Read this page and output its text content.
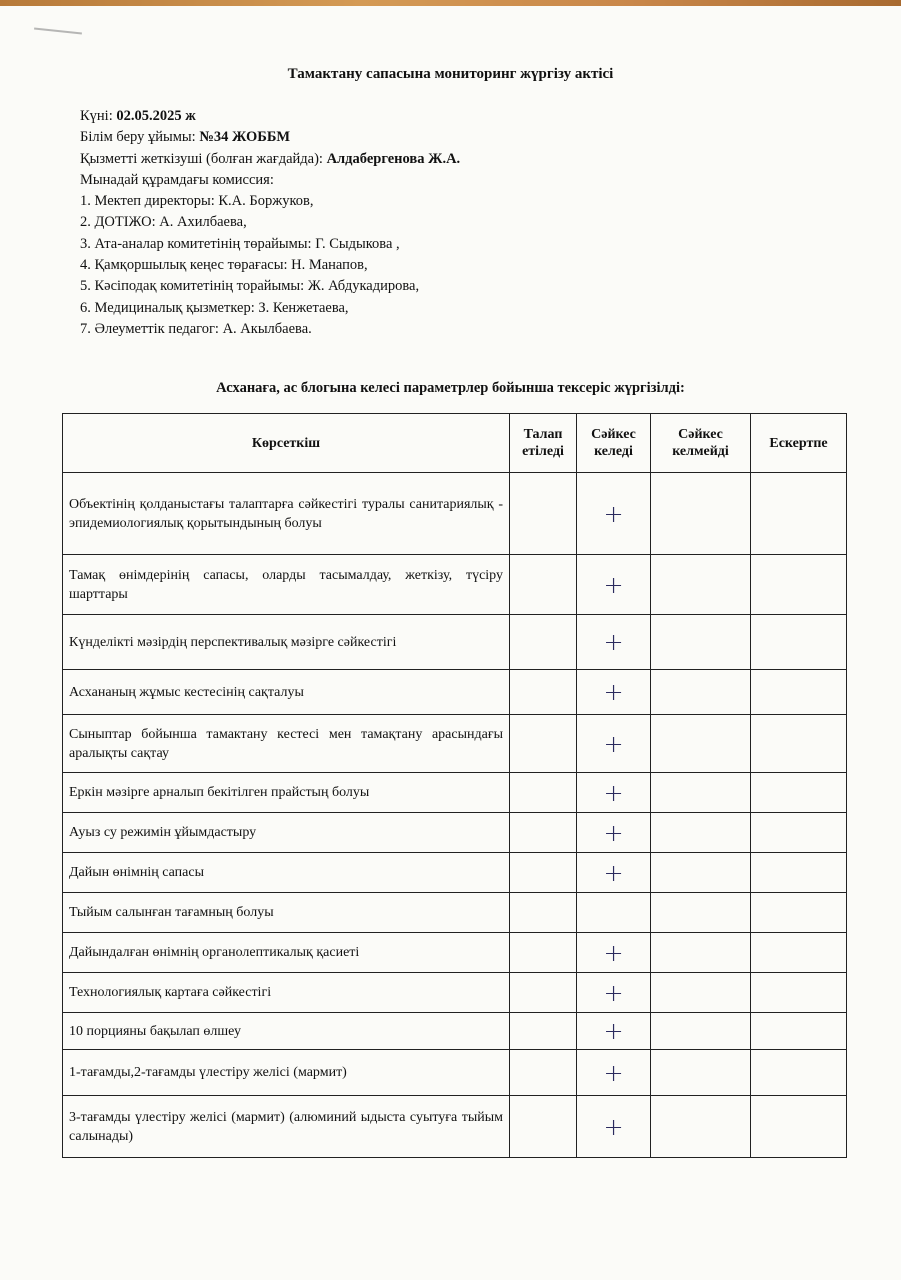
Тамактану сапасына мониторинг жүргізу актісі
Күні: 02.05.2025 ж
Білім беру ұйымы: №34 ЖОББМ
Қызметті жеткізуші (болған жағдайда): Алдабергенова Ж.А.
Мынадай құрамдағы комиссия:
1. Мектеп директоры: К.А. Боржуков,
2. ДОТІЖО: А. Ахилбаева,
3. Ата-аналар комитетінің төрайымы: Г. Сыдыкова ,
4. Қамқоршылық кеңес төрағасы: Н. Манапов,
5. Кәсіподақ комитетінің торайымы: Ж. Абдукадирова,
6. Медициналық қызметкер: З. Кенжетаева,
7. Әлеуметтік педагог: А. Акылбаева.
Асханаға, ас блогына келесі параметрлер бойынша тексеріс жүргізілді:
Көрсеткіш	Талап етіледі	Сәйкес келеді	Сәйкес келмейді	Ескертпе
Объектінің қолданыстағы талаптарға сәйкестігі туралы санитариялық - эпидемиологиялық қорытындының болуы		+		
Тамақ өнімдерінің сапасы, оларды тасымалдау, жеткізу, түсіру шарттары		+		
Күнделікті мәзірдің перспективалық мәзірге сәйкестігі		+		
Асхананың жұмыс кестесінің сақталуы		+		
Сыныптар бойынша тамактану кестесі мен тамақтану арасындағы аралықты сақтау		+		
Еркін мәзірге арналып бекітілген прайстың болуы		+		
Ауыз су режимін ұйымдастыру		+		
Дайын өнімнің сапасы		+		
Тыйым салынған тағамның болуы				
Дайындалған өнімнің органолептикалық қасиеті		+		
Технологиялық картаға сәйкестігі		+		
10 порцияны бақылап өлшеу		+		
1-тағамды,2-тағамды үлестіру желісі (мармит)		+		
3-тағамды үлестіру желісі (мармит) (алюминий ыдыста суытуға тыйым салынады)		+		
